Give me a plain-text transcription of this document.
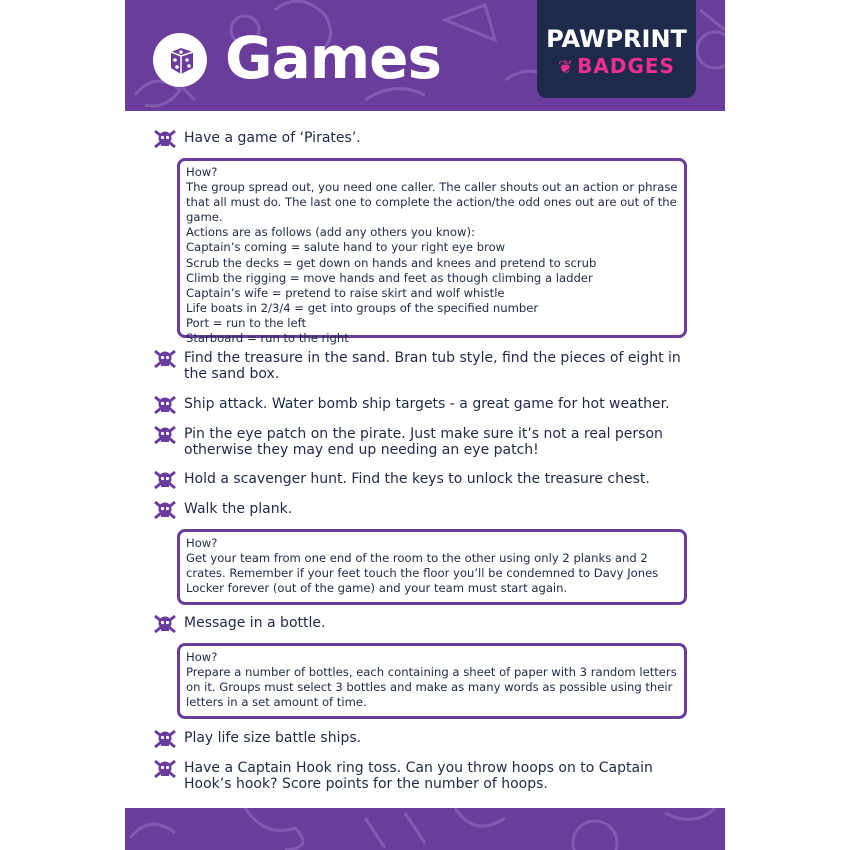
Games	PAWPRINT
❦ BADGES
Have a game of ‘Pirates’.

How?

The group spread out, you need one caller. The caller shouts out an action or phrase that all must do. The last one to complete the action/the odd ones out are out of the game.

Actions are as follows (add any others you know):

Captain’s coming = salute hand to your right eye brow

Scrub the decks = get down on hands and knees and pretend to scrub

Climb the rigging = move hands and feet as though climbing a ladder

Captain’s wife = pretend to raise skirt and wolf whistle

Life boats in 2/3/4 = get into groups of the specified number

Port = run to the left

Starboard = run to the right

Find the treasure in the sand. Bran tub style, find the pieces of eight in the sand box.
Ship attack. Water bomb ship targets - a great game for hot weather.
Pin the eye patch on the pirate. Just make sure it’s not a real person otherwise they may end up needing an eye patch!
Hold a scavenger hunt. Find the keys to unlock the treasure chest.
Walk the plank.

How?

Get your team from one end of the room to the other using only 2 planks and 2 crates. Remember if your feet touch the floor you’ll be condemned to Davy Jones Locker forever (out of the game) and your team must start again.

Message in a bottle.

How?

Prepare a number of bottles, each containing a sheet of paper with 3 random letters on it. Groups must select 3 bottles and make as many words as possible using their letters in a set amount of time.

Play life size battle ships.
Have a Captain Hook ring toss. Can you throw hoops on to Captain Hook’s hook? Score points for the number of hoops.
